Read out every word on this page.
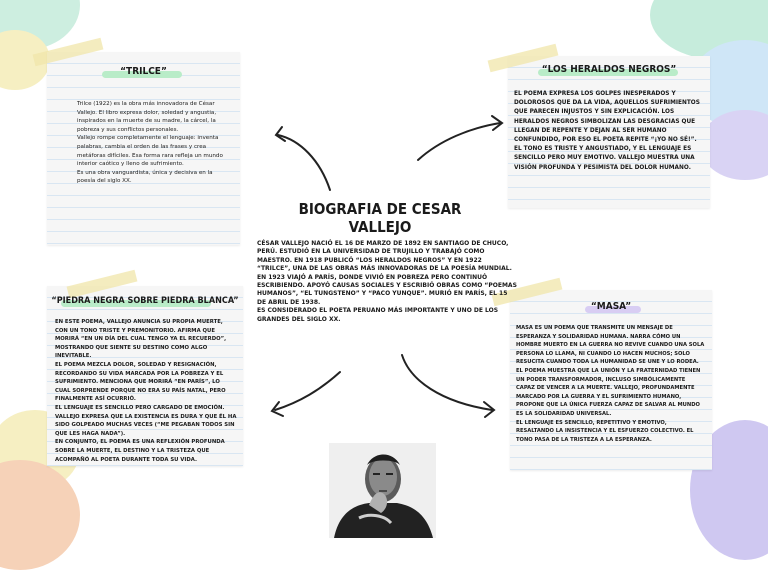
“TRILCE”
Trilce (1922) es la obra más innovadora de César Vallejo. El libro expresa dolor, soledad y angustia, inspirados en la muerte de su madre, la cárcel, la pobreza y sus conflictos personales.
Vallejo rompe completamente el lenguaje: inventa palabras, cambia el orden de las frases y crea metáforas difíciles. Esa forma rara refleja un mundo interior caótico y lleno de sufrimiento.
Es una obra vanguardista, única y decisiva en la poesía del siglo XX.
“LOS HERALDOS NEGROS”
EL POEMA EXPRESA LOS GOLPES INESPERADOS Y DOLOROSOS QUE DA LA VIDA, AQUELLOS SUFRIMIENTOS QUE PARECEN INJUSTOS Y SIN EXPLICACIÓN. LOS HERALDOS NEGROS SIMBOLIZAN LAS DESGRACIAS QUE LLEGAN DE REPENTE Y DEJAN AL SER HUMANO CONFUNDIDO, POR ESO EL POETA REPITE “¡YO NO SÉ!”. EL TONO ES TRISTE Y ANGUSTIADO, Y EL LENGUAJE ES SENCILLO PERO MUY EMOTIVO. VALLEJO MUESTRA UNA VISIÓN PROFUNDA Y PESIMISTA DEL DOLOR HUMANO.
“PIEDRA NEGRA SOBRE PIEDRA BLANCA”
EN ESTE POEMA, VALLEJO ANUNCIA SU PROPIA MUERTE, CON UN TONO TRISTE Y PREMONITORIO. AFIRMA QUE MORIRÁ “EN UN DÍA DEL CUAL TENGO YA EL RECUERDO”, MOSTRANDO QUE SIENTE SU DESTINO COMO ALGO INEVITABLE.
EL POEMA MEZCLA DOLOR, SOLEDAD Y RESIGNACIÓN, RECORDANDO SU VIDA MARCADA POR LA POBREZA Y EL SUFRIMIENTO. MENCIONA QUE MORIRÁ “EN PARÍS”, LO CUAL SORPRENDE PORQUE NO ERA SU PAÍS NATAL, PERO FINALMENTE ASÍ OCURRIÓ.
EL LENGUAJE ES SENCILLO PERO CARGADO DE EMOCIÓN. VALLEJO EXPRESA QUE LA EXISTENCIA ES DURA Y QUE ÉL HA SIDO GOLPEADO MUCHAS VECES (“ME PEGABAN TODOS SIN QUE LES HAGA NADA”).
EN CONJUNTO, EL POEMA ES UNA REFLEXIÓN PROFUNDA SOBRE LA MUERTE, EL DESTINO Y LA TRISTEZA QUE ACOMPAÑÓ AL POETA DURANTE TODA SU VIDA.
“MASA”
MASA ES UN POEMA QUE TRANSMITE UN MENSAJE DE ESPERANZA Y SOLIDARIDAD HUMANA. NARRA CÓMO UN HOMBRE MUERTO EN LA GUERRA NO REVIVE CUANDO UNA SOLA PERSONA LO LLAMA, NI CUANDO LO HACEN MUCHOS; SOLO RESUCITA CUANDO TODA LA HUMANIDAD SE UNE Y LO RODEA.
EL POEMA MUESTRA QUE LA UNIÓN Y LA FRATERNIDAD TIENEN UN PODER TRANSFORMADOR, INCLUSO SIMBÓLICAMENTE CAPAZ DE VENCER A LA MUERTE. VALLEJO, PROFUNDAMENTE MARCADO POR LA GUERRA Y EL SUFRIMIENTO HUMANO, PROPONE QUE LA ÚNICA FUERZA CAPAZ DE SALVAR AL MUNDO ES LA SOLIDARIDAD UNIVERSAL.
EL LENGUAJE ES SENCILLO, REPETITIVO Y EMOTIVO, RESALTANDO LA INSISTENCIA Y EL ESFUERZO COLECTIVO. EL TONO PASA DE LA TRISTEZA A LA ESPERANZA.
BIOGRAFIA DE CESAR
VALLEJO
CÉSAR VALLEJO NACIÓ EL 16 DE MARZO DE 1892 EN SANTIAGO DE CHUCO, PERÚ. ESTUDIÓ EN LA UNIVERSIDAD DE TRUJILLO Y TRABAJÓ COMO MAESTRO. EN 1918 PUBLICÓ “LOS HERALDOS NEGROS” Y EN 1922 “TRILCE”, UNA DE LAS OBRAS MÁS INNOVADORAS DE LA POESÍA MUNDIAL.
EN 1923 VIAJÓ A PARÍS, DONDE VIVIÓ EN POBREZA PERO CONTINUÓ ESCRIBIENDO. APOYÓ CAUSAS SOCIALES Y ESCRIBIÓ OBRAS COMO “POEMAS HUMANOS”, “EL TUNGSTENO” Y “PACO YUNQUE”. MURIÓ EN PARÍS, EL 15 DE ABRIL DE 1938.
ES CONSIDERADO EL POETA PERUANO MÁS IMPORTANTE Y UNO DE LOS GRANDES DEL SIGLO XX.
